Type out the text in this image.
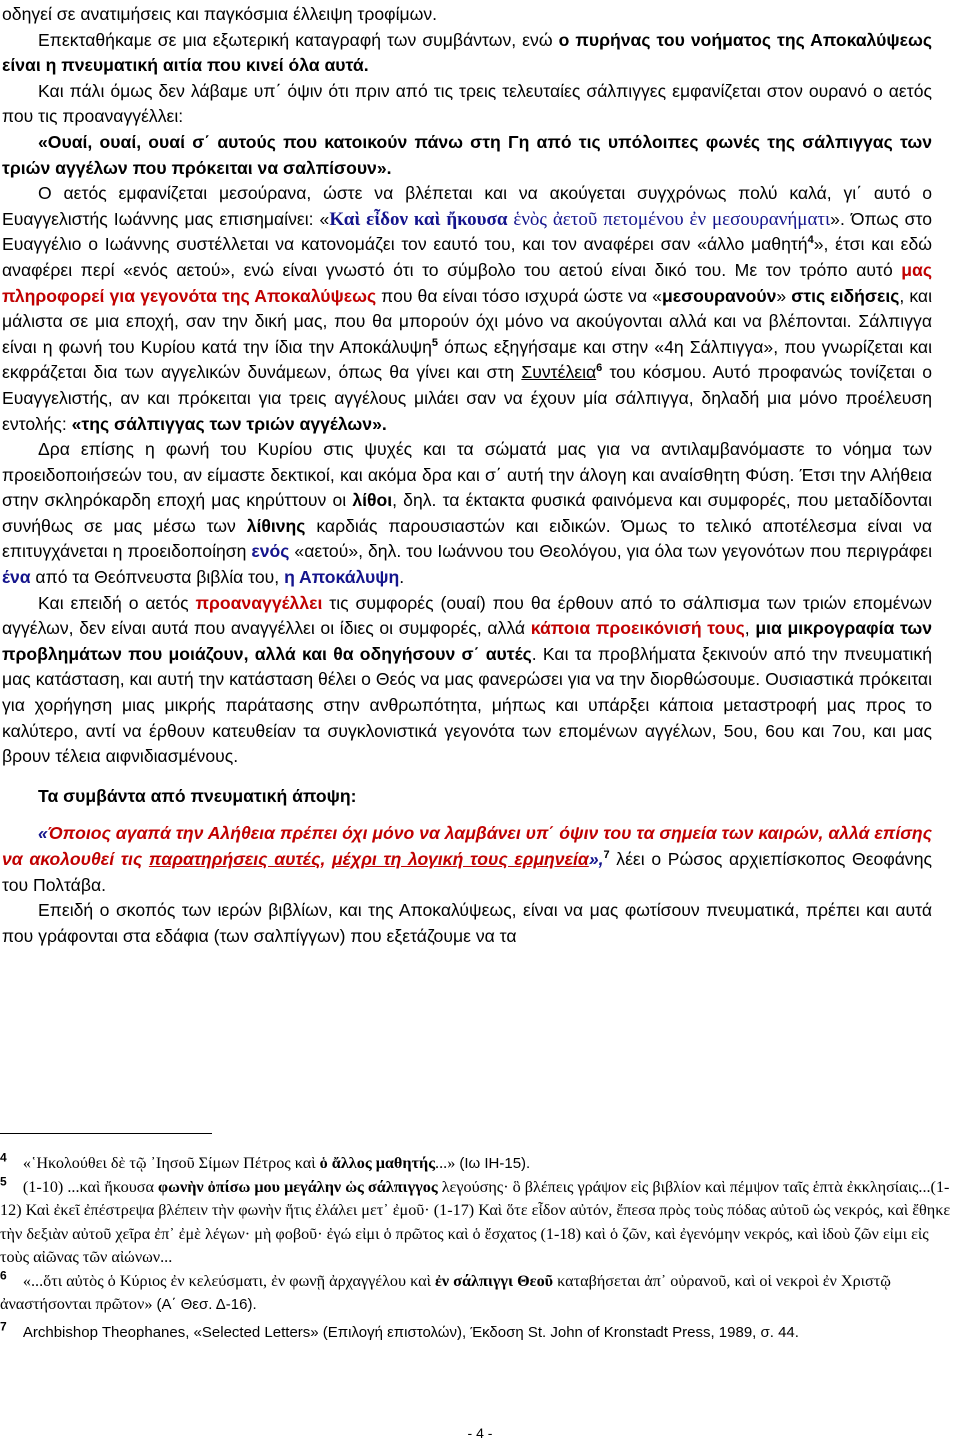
οδηγεί σε ανατιμήσεις και παγκόσμια έλλειψη τροφίμων.

Επεκταθήκαμε σε μια εξωτερική καταγραφή των συμβάντων, ενώ ο πυρήνας του νοήματος της Αποκαλύψεως είναι η πνευματική αιτία που κινεί όλα αυτά.

Και πάλι όμως δεν λάβαμε υπ΄ όψιν ότι πριν από τις τρεις τελευταίες σάλπιγγες εμφανίζεται στον ουρανό ο αετός που τις προαναγγέλλει:

«Ουαί, ουαί, ουαί σ΄ αυτούς που κατοικούν πάνω στη Γη από τις υπόλοιπες φωνές της σάλπιγγας των τριών αγγέλων που πρόκειται να σαλπίσουν».

Ο αετός εμφανίζεται μεσούρανα, ώστε να βλέπεται και να ακούγεται συγχρόνως πολύ καλά, γι΄ αυτό ο Ευαγγελιστής Ιωάννης μας επισημαίνει: «Καὶ εἶδον καὶ ἤκουσα ἑνὸς ἀετοῦ πετομένου ἐν μεσουρανήματι». Όπως στο Ευαγγέλιο ο Ιωάννης συστέλλεται να κατονομάζει τον εαυτό του, και τον αναφέρει σαν «άλλο μαθητή$^4$», έτσι και εδώ αναφέρει περί «ενός αετού», ενώ είναι γνωστό ότι το σύμβολο του αετού είναι δικό του. Με τον τρόπο αυτό μας πληροφορεί για γεγονότα της Αποκαλύψεως που θα είναι τόσο ισχυρά ώστε να «μεσουρανούν» στις ειδήσεις, και μάλιστα σε μια εποχή, σαν την δική μας, που θα μπορούν όχι μόνο να ακούγονται αλλά και να βλέπονται. Σάλπιγγα είναι η φωνή του Κυρίου κατά την ίδια την Αποκάλυψη$^5$ όπως εξηγήσαμε και στην «4η Σάλπιγγα», που γνωρίζεται και εκφράζεται δια των αγγελικών δυνάμεων, όπως θα γίνει και στη Συντέλεια$^6$ του κόσμου. Αυτό προφανώς τονίζεται ο Ευαγγελιστής, αν και πρόκειται για τρεις αγγέλους μιλάει σαν να έχουν μία σάλπιγγα, δηλαδή μια μόνο προέλευση εντολής: «της σάλπιγγας των τριών αγγέλων».

Δρα επίσης η φωνή του Κυρίου στις ψυχές και τα σώματά μας για να αντιλαμβανόμαστε το νόημα των προειδοποιήσεών του, αν είμαστε δεκτικοί, και ακόμα δρα και σ΄ αυτή την άλογη και αναίσθητη Φύση. Έτσι την Αλήθεια στην σκληρόκαρδη εποχή μας κηρύττουν οι λίθοι, δηλ. τα έκτακτα φυσικά φαινόμενα και συμφορές, που μεταδίδονται συνήθως σε μας μέσω των λίθινης καρδιάς παρουσιαστών και ειδικών. Όμως το τελικό αποτέλεσμα είναι να επιτυγχάνεται η προειδοποίηση ενός «αετού», δηλ. του Ιωάννου του Θεολόγου, για όλα των γεγονότων που περιγράφει ένα από τα Θεόπνευστα βιβλία του, η Αποκάλυψη.

Και επειδή ο αετός προαναγγέλλει τις συμφορές (ουαί) που θα έρθουν από το σάλπισμα των τριών επομένων αγγέλων, δεν είναι αυτά που αναγγέλλει οι ίδιες οι συμφορές, αλλά κάποια προεικόνισή τους, μια μικρογραφία των προβλημάτων που μοιάζουν, αλλά και θα οδηγήσουν σ΄ αυτές. Και τα προβλήματα ξεκινούν από την πνευματική μας κατάσταση, και αυτή την κατάσταση θέλει ο Θεός να μας φανερώσει για να την διορθώσουμε. Ουσιαστικά πρόκειται για χορήγηση μιας μικρής παράτασης στην ανθρωπότητα, μήπως και υπάρξει κάποια μεταστροφή μας προς το καλύτερο, αντί να έρθουν κατευθείαν τα συγκλονιστικά γεγονότα των επομένων αγγέλων, 5ου, 6ου και 7ου, και μας βρουν τέλεια αιφνιδιασμένους.

Τα συμβάντα από πνευματική άποψη:

«Όποιος αγαπά την Αλήθεια πρέπει όχι μόνο να λαμβάνει υπ΄ όψιν του τα σημεία των καιρών, αλλά επίσης να ακολουθεί τις παρατηρήσεις αυτές, μέχρι τη λογική τους ερμηνεία»,$^7$ λέει ο Ρώσος αρχιεπίσκοπος Θεοφάνης του Πολτάβα.

Επειδή ο σκοπός των ιερών βιβλίων, και της Αποκαλύψεως, είναι να μας φωτίσουν πνευματικά, πρέπει και αυτά που γράφονται στα εδάφια (των σαλπίγγων) που εξετάζουμε να τα

$^4$ «῾Ηκολούθει δὲ τῷ ᾿Ιησοῦ Σίμων Πέτρος καὶ ὁ ἄλλος μαθητής...» (Ιω ΙΗ-15).

$^5$ (1-10) ...καὶ ἤκουσα φωνὴν ὀπίσω μου μεγάλην ὡς σάλπιγγος λεγούσης· ὃ βλέπεις γράψον εἰς βιβλίον καὶ πέμψον ταῖς ἑπτὰ ἐκκλησίαις...(1-12) Καὶ ἐκεῖ ἐπέστρεψα βλέπειν τὴν φωνὴν ἥτις ἐλάλει μετ᾿ ἐμοῦ· (1-17) Καὶ ὅτε εἶδον αὐτόν, ἔπεσα πρὸς τοὺς πόδας αὐτοῦ ὡς νεκρός, καὶ ἔθηκε τὴν δεξιὰν αὐτοῦ χεῖρα ἐπ᾿ ἐμὲ λέγων· μὴ φοβοῦ· ἐγώ εἰμι ὁ πρῶτος καὶ ὁ ἔσχατος (1-18) καὶ ὁ ζῶν, καὶ ἐγενόμην νεκρός, καὶ ἰδοὺ ζῶν εἰμι εἰς τοὺς αἰῶνας τῶν αἰώνων...

$^6$ «...ὅτι αὐτὸς ὁ Κύριος ἐν κελεύσματι, ἐν φωνῇ ἀρχαγγέλου καὶ ἐν σάλπιγγι Θεοῦ καταβήσεται ἀπ᾿ οὐρανοῦ, καὶ οἱ νεκροὶ ἐν Χριστῷ ἀναστήσονται πρῶτον» (Α΄ Θεσ. Δ-16).

$^7$ Archbishop Theophanes, «Selected Letters» (Επιλογή επιστολών), Έκδοση St. John of Kronstadt Press, 1989, σ. 44.

- 4 -
